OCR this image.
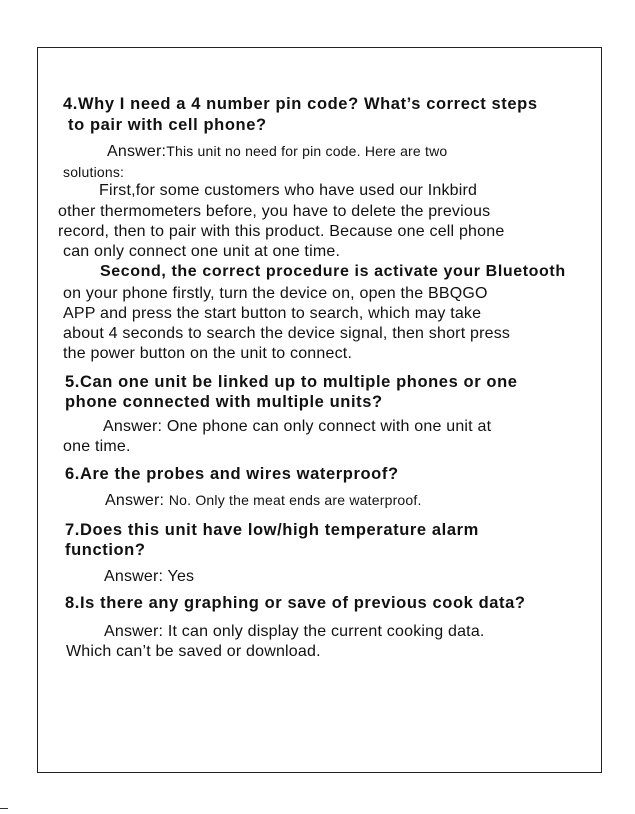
4.Why I need a 4 number pin code? What’s correct steps
to pair with cell phone?
Answer:This unit no need for pin code. Here are two
solutions:
First,for some customers who have used our Inkbird
other thermometers before, you have to delete the previous
record, then to pair with this product. Because one cell phone
can only connect one unit at one time.
Second, the correct procedure is activate your Bluetooth
on your phone firstly, turn the device on, open the BBQGO
APP and press the start button to search, which may take
about 4 seconds to search the device signal, then short press
the power button on the unit to connect.
5.Can one unit be linked up to multiple phones or one
phone connected with multiple units?
Answer: One phone can only connect with one unit at
one time.
6.Are the probes and wires waterproof?
Answer: No. Only the meat ends are waterproof.
7.Does this unit have low/high temperature alarm
function?
Answer: Yes
8.Is there any graphing or save of previous cook data?
Answer: It can only display the current cooking data.
Which can’t be saved or download.
